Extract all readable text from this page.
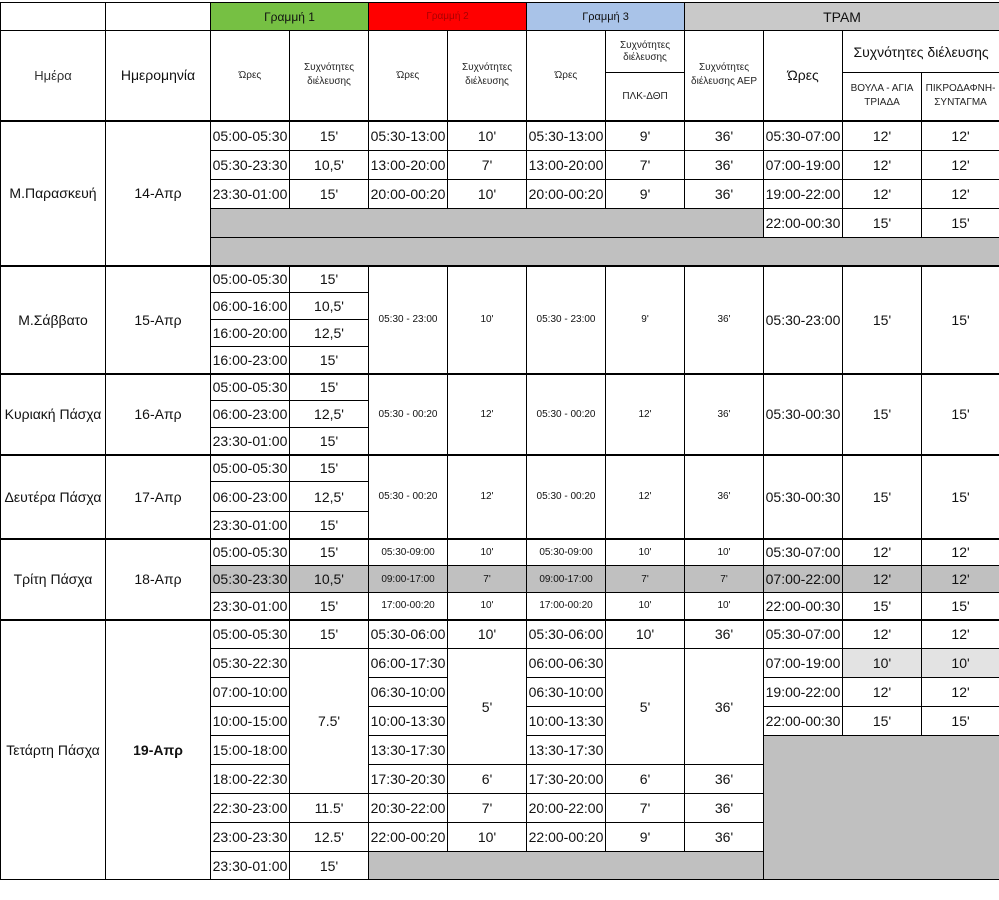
		Γραμμή 1		Γραμμή 2		Γραμμή 3		ΤΡΑΜ			
Ημέρα	Ημερομηνία	Ώρες	Συχνότητες διέλευσης	Ώρες	Συχνότητες διέλευσης	Ώρες	Συχνότητες διέλευσης	Συχνότητες διέλευσης ΑΕΡ	Ώρες	Συχνότητες διέλευσης	
							ΠΛΚ-ΔΘΠ			ΒΟΥΛΑ - ΑΓΙΑ ΤΡΙΑΔΑ	ΠΙΚΡΟΔΑΦΝΗ- ΣΥΝΤΑΓΜΑ
Μ.Παρασκευή	14-Απρ	05:00-05:30	15'	05:30-13:00	10'	05:30-13:00	9'	36'	05:30-07:00	12'	12'
		05:30-23:30	10,5'	13:00-20:00	7'	13:00-20:00	7'	36'	07:00-19:00	12'	12'
		23:30-01:00	15'	20:00-00:20	10'	20:00-00:20	9'	36'	19:00-22:00	12'	12'
									22:00-00:30	15'	15'

Μ.Σάββατο	15-Απρ	05:00-05:30	15'	05:30 - 23:00	10'	05:30 - 23:00	9'	36'	05:30-23:00	15'	15'
		06:00-16:00	10,5'								
		16:00-20:00	12,5'								
		16:00-23:00	15'								
Κυριακή Πάσχα	16-Απρ	05:00-05:30	15'	05:30 - 00:20	12'	05:30 - 00:20	12'	36'	05:30-00:30	15'	15'
		06:00-23:00	12,5'								
		23:30-01:00	15'								
Δευτέρα Πάσχα	17-Απρ	05:00-05:30	15'	05:30 - 00:20	12'	05:30 - 00:20	12'	36'	05:30-00:30	15'	15'
		06:00-23:00	12,5'								
		23:30-01:00	15'								
Τρίτη Πάσχα	18-Απρ	05:00-05:30	15'	05:30-09:00	10'	05:30-09:00	10'	10'	05:30-07:00	12'	12'
		05:30-23:30	10,5'	09:00-17:00	7'	09:00-17:00	7'	7'	07:00-22:00	12'	12'
		23:30-01:00	15'	17:00-00:20	10'	17:00-00:20	10'	10'	22:00-00:30	15'	15'
Τετάρτη Πάσχα	19-Απρ	05:00-05:30	15'	05:30-06:00	10'	05:30-06:00	10'	36'	05:30-07:00	12'	12'
		05:30-22:30	7.5'	06:00-17:30	5'	06:00-06:30	5'	36'	07:00-19:00	10'	10'
		07:00-10:00		06:30-10:00		06:30-10:00			19:00-22:00	12'	12'
		10:00-15:00		10:00-13:30		10:00-13:30			22:00-00:30	15'	15'
		15:00-18:00		13:30-17:30		13:30-17:30					
		18:00-22:30		17:30-20:30	6'	17:30-20:00	6'	36'			
		22:30-23:00	11.5'	20:30-22:00	7'	20:00-22:00	7'	36'			
		23:00-23:30	12.5'	22:00-00:20	10'	22:00-00:20	9'	36'			
		23:30-01:00	15'								
